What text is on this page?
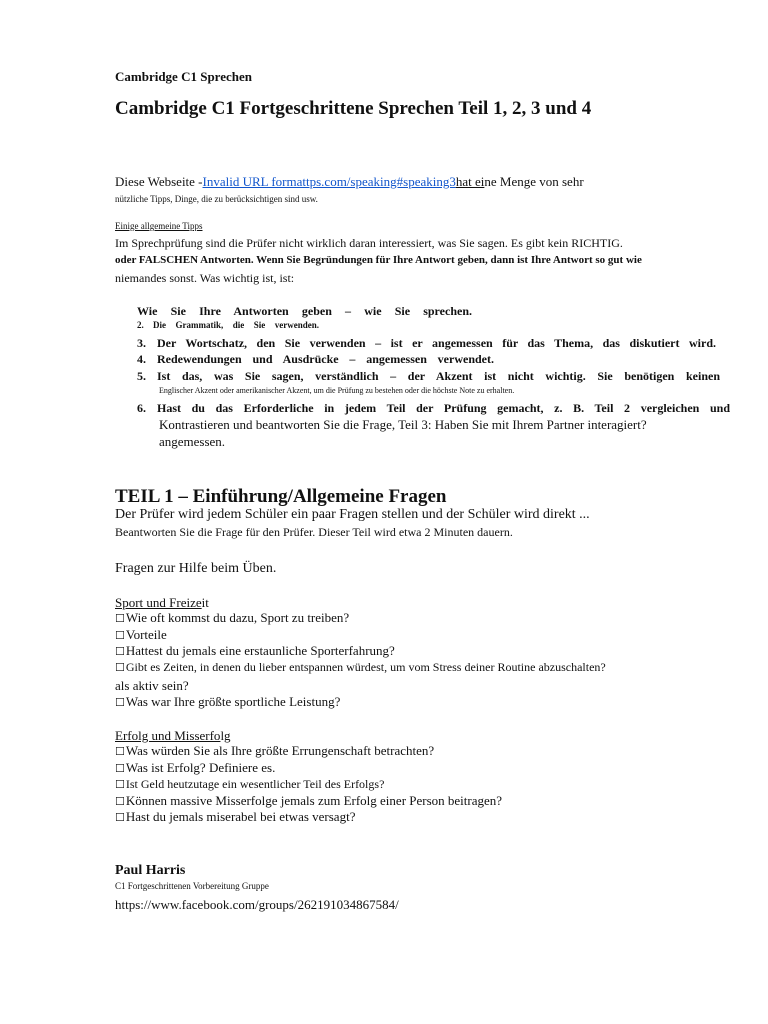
Cambridge C1 Sprechen
Cambridge C1 Fortgeschrittene Sprechen Teil 1, 2, 3 und 4
Diese Webseite -Invalid URL formattps.com/speaking#speaking3hat eine Menge von sehr
nützliche Tipps, Dinge, die zu berücksichtigen sind usw.
Einige allgemeine Tipps
Im Sprechprüfung sind die Prüfer nicht wirklich daran interessiert, was Sie sagen. Es gibt kein RICHTIG.
oder FALSCHEN Antworten. Wenn Sie Begründungen für Ihre Antwort geben, dann ist Ihre Antwort so gut wie
niemandes sonst. Was wichtig ist, ist:
Wie Sie Ihre Antworten geben – wie Sie sprechen.
2. Die Grammatik, die Sie verwenden.
3. Der Wortschatz, den Sie verwenden – ist er angemessen für das Thema, das diskutiert wird.
4. Redewendungen und Ausdrücke – angemessen verwendet.
5. Ist das, was Sie sagen, verständlich – der Akzent ist nicht wichtig. Sie benötigen keinen
Englischer Akzent oder amerikanischer Akzent, um die Prüfung zu bestehen oder die höchste Note zu erhalten.
6. Hast du das Erforderliche in jedem Teil der Prüfung gemacht, z. B. Teil 2 vergleichen und
Kontrastieren und beantworten Sie die Frage, Teil 3: Haben Sie mit Ihrem Partner interagiert?
angemessen.
TEIL 1 – Einführung/Allgemeine Fragen
Der Prüfer wird jedem Schüler ein paar Fragen stellen und der Schüler wird direkt ...
Beantworten Sie die Frage für den Prüfer. Dieser Teil wird etwa 2 Minuten dauern.
Fragen zur Hilfe beim Üben.
Sport und Freizeit
☐Wie oft kommst du dazu, Sport zu treiben?
☐Vorteile
☐Hattest du jemals eine erstaunliche Sporterfahrung?
☐Gibt es Zeiten, in denen du lieber entspannen würdest, um vom Stress deiner Routine abzuschalten?
als aktiv sein?
☐Was war Ihre größte sportliche Leistung?
Erfolg und Misserfolg
☐Was würden Sie als Ihre größte Errungenschaft betrachten?
☐Was ist Erfolg? Definiere es.
☐Ist Geld heutzutage ein wesentlicher Teil des Erfolgs?
☐Können massive Misserfolge jemals zum Erfolg einer Person beitragen?
☐Hast du jemals miserabel bei etwas versagt?
Paul Harris
C1 Fortgeschrittenen Vorbereitung Gruppe
https://www.facebook.com/groups/262191034867584/
